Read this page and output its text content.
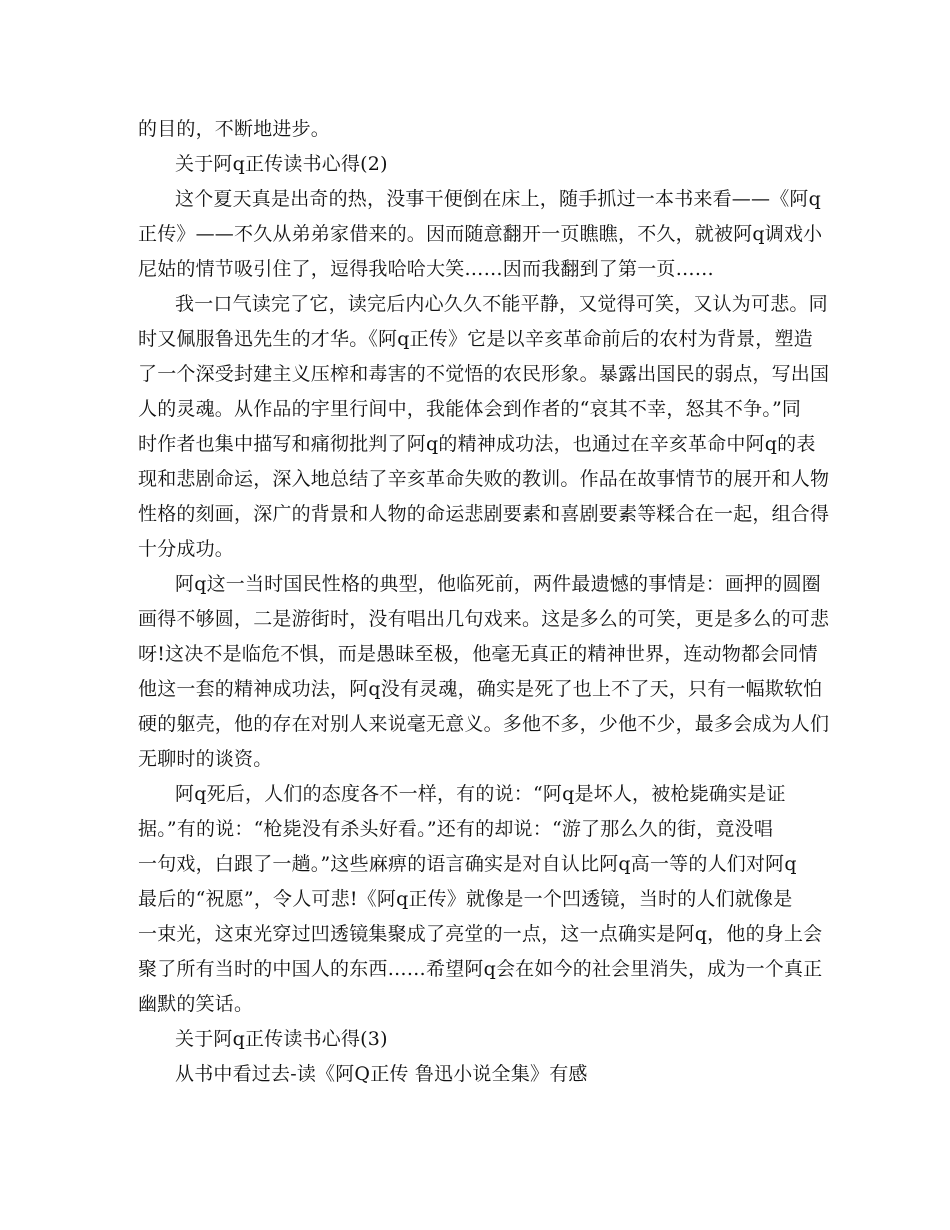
的目的，不断地进步。
关于阿q正传读书心得(2)
这个夏天真是出奇的热，没事干便倒在床上，随手抓过一本书来看——《阿q
正传》——不久从弟弟家借来的。因而随意翻开一页瞧瞧，不久，就被阿q调戏小
尼姑的情节吸引住了，逗得我哈哈大笑……因而我翻到了第一页……
我一口气读完了它，读完后内心久久不能平静，又觉得可笑，又认为可悲。同
时又佩服鲁迅先生的才华。《阿q正传》它是以辛亥革命前后的农村为背景，塑造
了一个深受封建主义压榨和毒害的不觉悟的农民形象。暴露出国民的弱点，写出国
人的灵魂。从作品的宇里行间中，我能体会到作者的“哀其不幸，怒其不争。”同
时作者也集中描写和痛彻批判了阿q的精神成功法，也通过在辛亥革命中阿q的表
现和悲剧命运，深入地总结了辛亥革命失败的教训。作品在故事情节的展开和人物
性格的刻画，深广的背景和人物的命运悲剧要素和喜剧要素等糅合在一起，组合得
十分成功。
阿q这一当时国民性格的典型，他临死前，两件最遗憾的事情是：画押的圆圈
画得不够圆，二是游街时，没有唱出几句戏来。这是多么的可笑，更是多么的可悲
呀!这决不是临危不惧，而是愚昧至极，他毫无真正的精神世界，连动物都会同情
他这一套的精神成功法，阿q没有灵魂，确实是死了也上不了天，只有一幅欺软怕
硬的躯壳，他的存在对别人来说毫无意义。多他不多，少他不少，最多会成为人们
无聊时的谈资。
阿q死后，人们的态度各不一样，有的说：“阿q是坏人，被枪毙确实是证
据。”有的说：“枪毙没有杀头好看。”还有的却说：“游了那么久的街，竟没唱
一句戏，白跟了一趟。”这些麻痹的语言确实是对自认比阿q高一等的人们对阿q
最后的“祝愿”，令人可悲!《阿q正传》就像是一个凹透镜，当时的人们就像是
一束光，这束光穿过凹透镜集聚成了亮堂的一点，这一点确实是阿q，他的身上会
聚了所有当时的中国人的东西……希望阿q会在如今的社会里消失，成为一个真正
幽默的笑话。
关于阿q正传读书心得(3)
从书中看过去-读《阿Q正传 鲁迅小说全集》有感
